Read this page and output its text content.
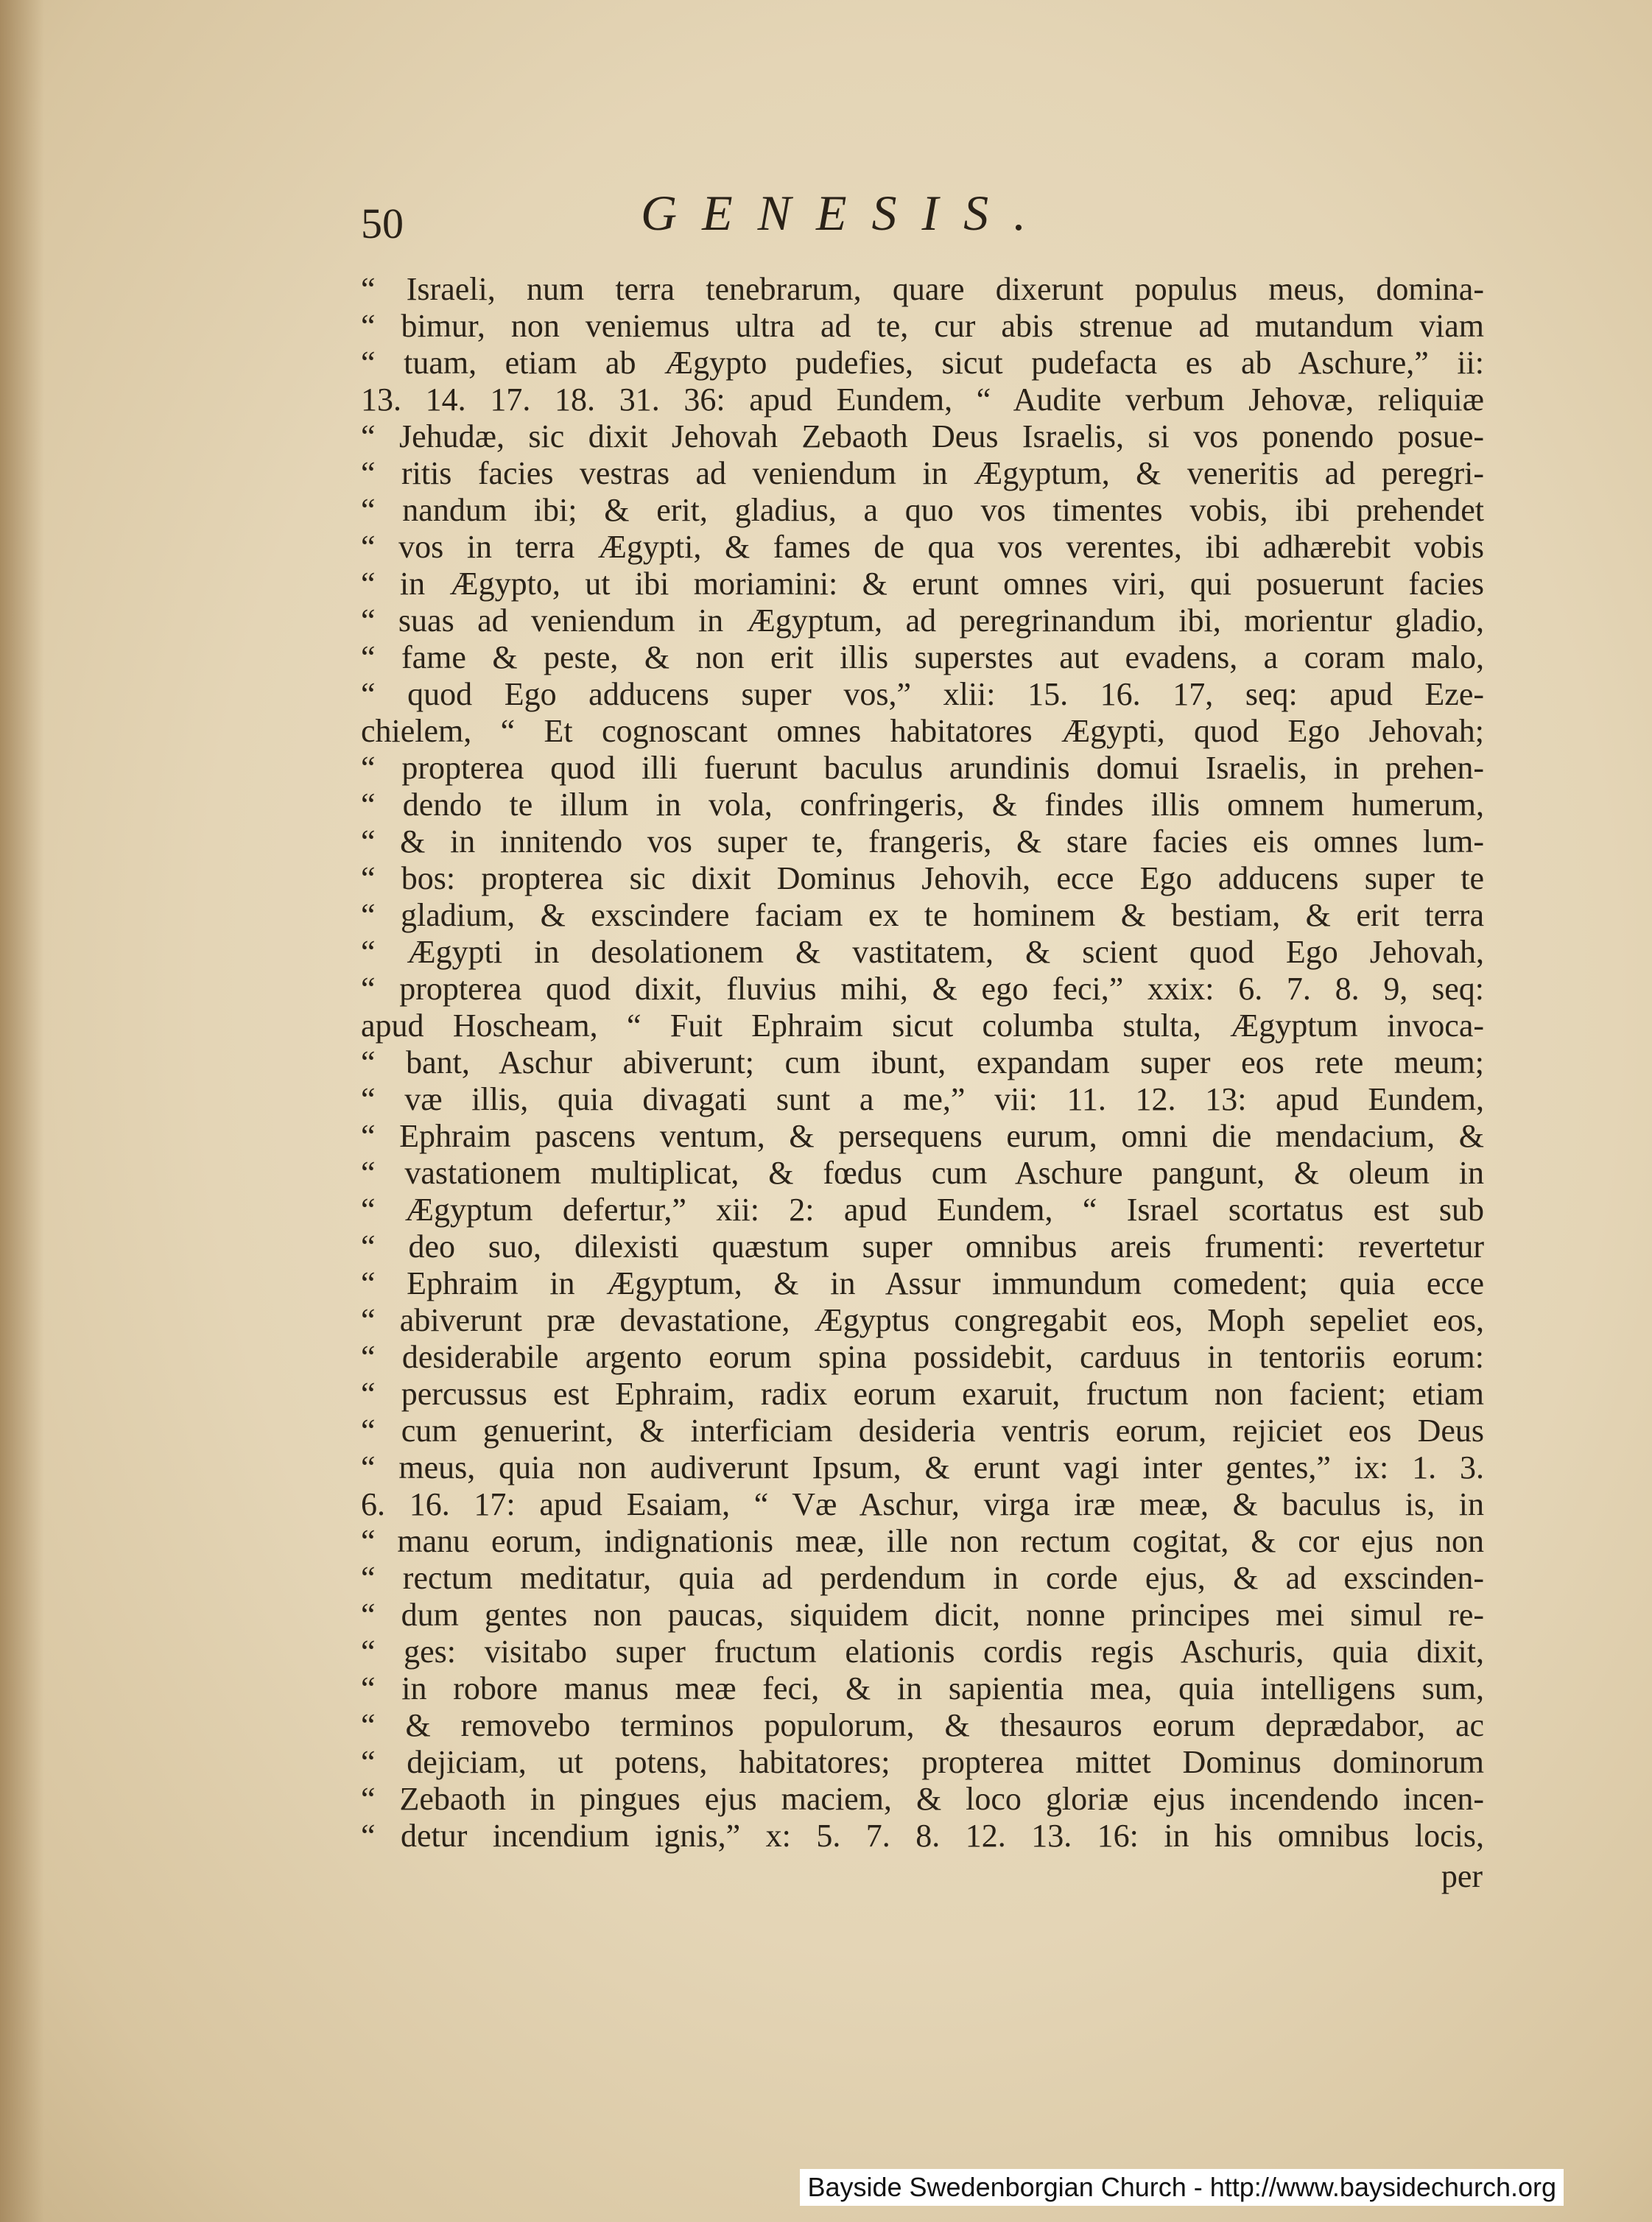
50	GENESIS.
“ Israeli, num terra tenebrarum, quare dixerunt populus meus, domina-
“ bimur, non veniemus ultra ad te, cur abis strenue ad mutandum viam
“ tuam, etiam ab Ægypto pudefies, sicut pudefacta es ab Aschure,” ii:
13. 14. 17. 18. 31. 36: apud Eundem, “ Audite verbum Jehovæ, reliquiæ
“ Jehudæ, sic dixit Jehovah Zebaoth Deus Israelis, si vos ponendo posue-
“ ritis facies vestras ad veniendum in Ægyptum, & veneritis ad peregri-
“ nandum ibi; & erit, gladius, a quo vos timentes vobis, ibi prehendet
“ vos in terra Ægypti, & fames de qua vos verentes, ibi adhærebit vobis
“ in Ægypto, ut ibi moriamini: & erunt omnes viri, qui posuerunt facies
“ suas ad veniendum in Ægyptum, ad peregrinandum ibi, morientur gladio,
“ fame & peste, & non erit illis superstes aut evadens, a coram malo,
“ quod Ego adducens super vos,” xlii: 15. 16. 17, seq: apud Eze-
chielem, “ Et cognoscant omnes habitatores Ægypti, quod Ego Jehovah;
“ propterea quod illi fuerunt baculus arundinis domui Israelis, in prehen-
“ dendo te illum in vola, confringeris, & findes illis omnem humerum,
“ & in innitendo vos super te, frangeris, & stare facies eis omnes lum-
“ bos: propterea sic dixit Dominus Jehovih, ecce Ego adducens super te
“ gladium, & exscindere faciam ex te hominem & bestiam, & erit terra
“ Ægypti in desolationem & vastitatem, & scient quod Ego Jehovah,
“ propterea quod dixit, fluvius mihi, & ego feci,” xxix: 6. 7. 8. 9, seq:
apud Hoscheam, “ Fuit Ephraim sicut columba stulta, Ægyptum invoca-
“ bant, Aschur abiverunt; cum ibunt, expandam super eos rete meum;
“ væ illis, quia divagati sunt a me,” vii: 11. 12. 13: apud Eundem,
“ Ephraim pascens ventum, & persequens eurum, omni die mendacium, &
“ vastationem multiplicat, & fœdus cum Aschure pangunt, & oleum in
“ Ægyptum defertur,” xii: 2: apud Eundem, “ Israel scortatus est sub
“ deo suo, dilexisti quæstum super omnibus areis frumenti: revertetur
“ Ephraim in Ægyptum, & in Assur immundum comedent; quia ecce
“ abiverunt præ devastatione, Ægyptus congregabit eos, Moph sepeliet eos,
“ desiderabile argento eorum spina possidebit, carduus in tentoriis eorum:
“ percussus est Ephraim, radix eorum exaruit, fructum non facient; etiam
“ cum genuerint, & interficiam desideria ventris eorum, rejiciet eos Deus
“ meus, quia non audiverunt Ipsum, & erunt vagi inter gentes,” ix: 1. 3.
6. 16. 17: apud Esaiam, “ Væ Aschur, virga iræ meæ, & baculus is, in
“ manu eorum, indignationis meæ, ille non rectum cogitat, & cor ejus non
“ rectum meditatur, quia ad perdendum in corde ejus, & ad exscinden-
“ dum gentes non paucas, siquidem dicit, nonne principes mei simul re-
“ ges: visitabo super fructum elationis cordis regis Aschuris, quia dixit,
“ in robore manus meæ feci, & in sapientia mea, quia intelligens sum,
“ & removebo terminos populorum, & thesauros eorum deprædabor, ac
“ dejiciam, ut potens, habitatores; propterea mittet Dominus dominorum
“ Zebaoth in pingues ejus maciem, & loco gloriæ ejus incendendo incen-
“ detur incendium ignis,” x: 5. 7. 8. 12. 13. 16: in his omnibus locis,
per
Bayside Swedenborgian Church - http://www.baysidechurch.org
